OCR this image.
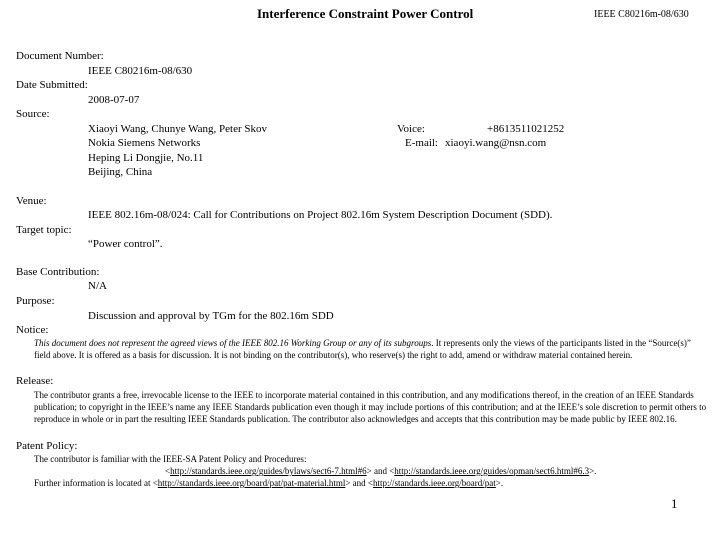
Interference Constraint Power Control	IEEE C80216m-08/630
Document Number:
IEEE C80216m-08/630
Date Submitted:
2008-07-07
Source:
Xiaoyi Wang, Chunye Wang, Peter Skov
Nokia Siemens Networks
Heping Li Dongjie, No.11
Beijing, China
Voice:	+8613511021252
E-mail: xiaoyi.wang@nsn.com
Venue:
IEEE 802.16m-08/024: Call for Contributions on Project 802.16m System Description Document (SDD).
Target topic:
“Power control”.
Base Contribution:
N/A
Purpose:
Discussion and approval by TGm for the 802.16m SDD
Notice:
This document does not represent the agreed views of the IEEE 802.16 Working Group or any of its subgroups. It represents only the views of the participants listed in the “Source(s)” field above. It is offered as a basis for discussion. It is not binding on the contributor(s), who reserve(s) the right to add, amend or withdraw material contained herein.
Release:
The contributor grants a free, irrevocable license to the IEEE to incorporate material contained in this contribution, and any modifications thereof, in the creation of an IEEE Standards publication; to copyright in the IEEE’s name any IEEE Standards publication even though it may include portions of this contribution; and at the IEEE’s sole discretion to permit others to reproduce in whole or in part the resulting IEEE Standards publication. The contributor also acknowledges and accepts that this contribution may be made public by IEEE 802.16.
Patent Policy:
The contributor is familiar with the IEEE-SA Patent Policy and Procedures:
<http://standards.ieee.org/guides/bylaws/sect6-7.html#6> and <http://standards.ieee.org/guides/opman/sect6.html#6.3>.
Further information is located at <http://standards.ieee.org/board/pat/pat-material.html> and <http://standards.ieee.org/board/pat>.
1
